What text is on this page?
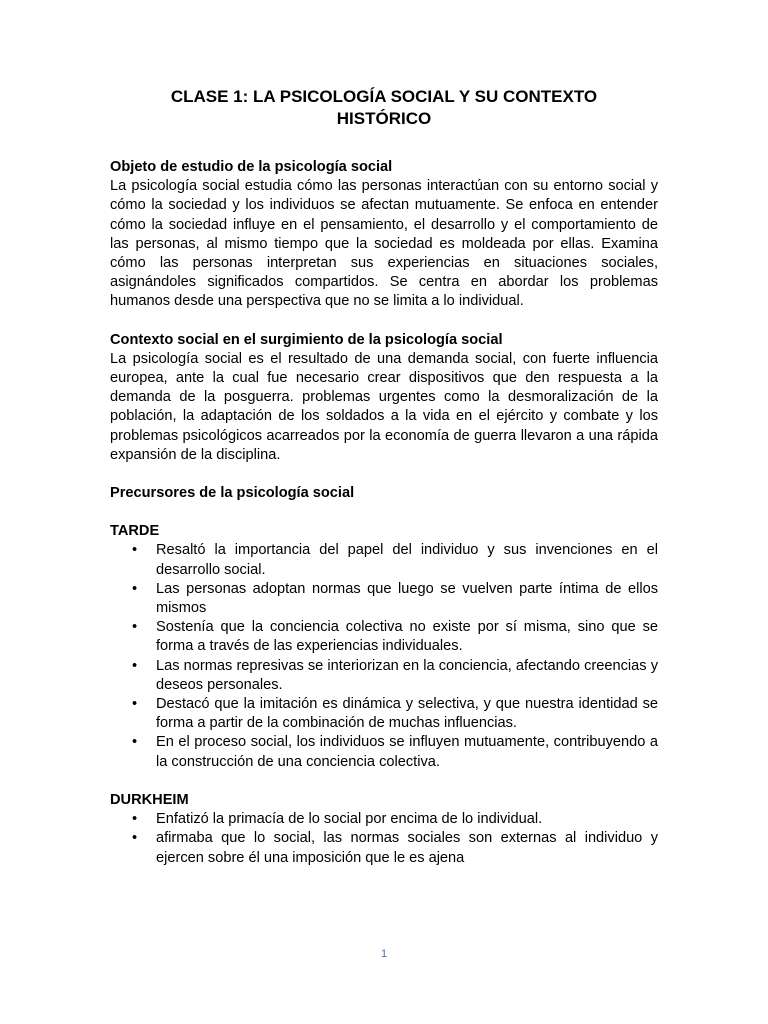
CLASE 1: LA PSICOLOGÍA SOCIAL Y SU CONTEXTO HISTÓRICO

Objeto de estudio de la psicología social

La psicología social estudia cómo las personas interactúan con su entorno social y cómo la sociedad y los individuos se afectan mutuamente. Se enfoca en entender cómo la sociedad influye en el pensamiento, el desarrollo y el comportamiento de las personas, al mismo tiempo que la sociedad es moldeada por ellas. Examina cómo las personas interpretan sus experiencias en situaciones sociales, asignándoles significados compartidos. Se centra en abordar los problemas humanos desde una perspectiva que no se limita a lo individual.

Contexto social en el surgimiento de la psicología social

La psicología social es el resultado de una demanda social, con fuerte influencia europea, ante la cual fue necesario crear dispositivos que den respuesta a la demanda de la posguerra. problemas urgentes como la desmoralización de la población, la adaptación de los soldados a la vida en el ejército y combate y los problemas psicológicos acarreados por la economía de guerra llevaron a una rápida expansión de la disciplina.

Precursores de la psicología social

TARDE

• Resaltó la importancia del papel del individuo y sus invenciones en el desarrollo social.
• Las personas adoptan normas que luego se vuelven parte íntima de ellos mismos
• Sostenía que la conciencia colectiva no existe por sí misma, sino que se forma a través de las experiencias individuales.
• Las normas represivas se interiorizan en la conciencia, afectando creencias y deseos personales.
• Destacó que la imitación es dinámica y selectiva, y que nuestra identidad se forma a partir de la combinación de muchas influencias.
• En el proceso social, los individuos se influyen mutuamente, contribuyendo a la construcción de una conciencia colectiva.

DURKHEIM

• Enfatizó la primacía de lo social por encima de lo individual.
• afirmaba que lo social, las normas sociales son externas al individuo y ejercen sobre él una imposición que le es ajena
1
